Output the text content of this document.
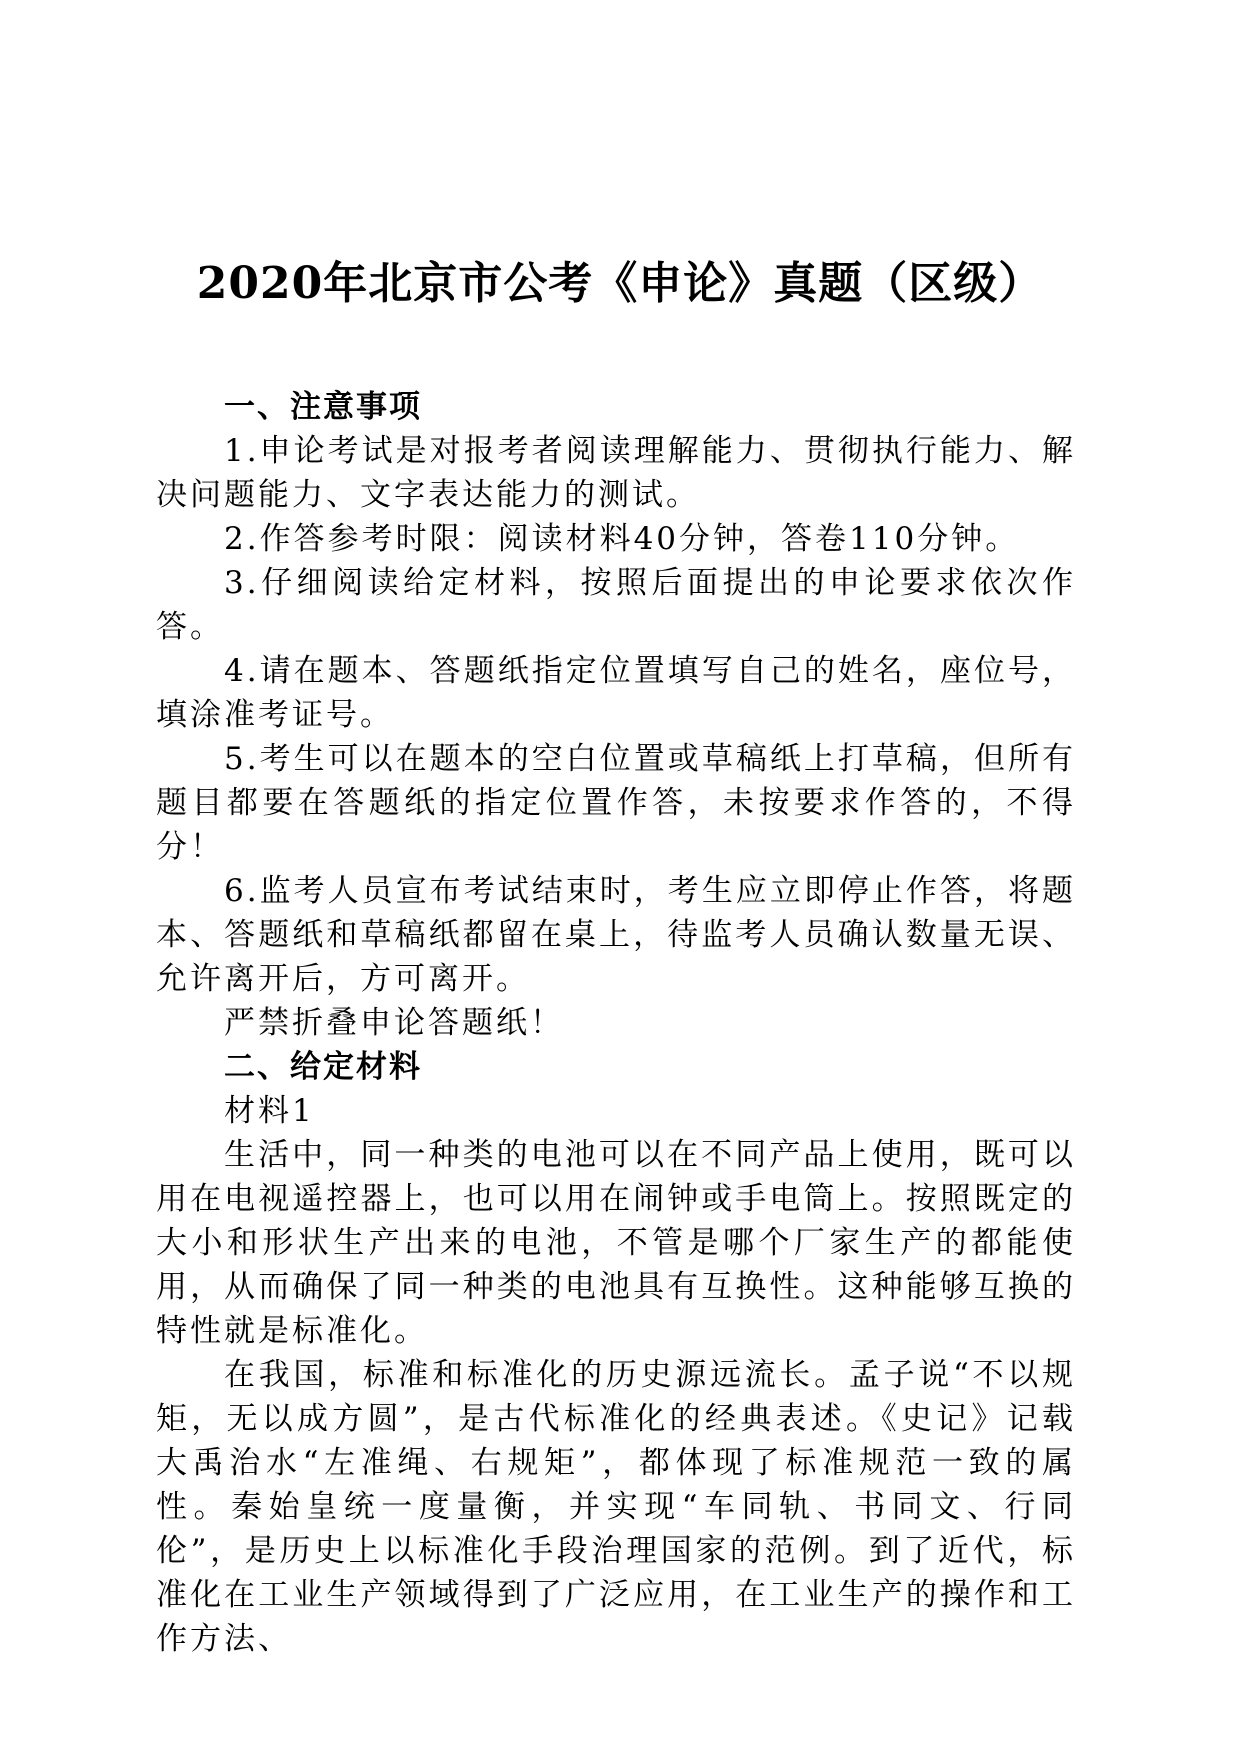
2020年北京市公考《申论》真题（区级）
一、注意事项

1.申论考试是对报考者阅读理解能力、贯彻执行能力、解决问题能力、文字表达能力的测试。

2.作答参考时限：阅读材料40分钟，答卷110分钟。

3.仔细阅读给定材料，按照后面提出的申论要求依次作答。

4.请在题本、答题纸指定位置填写自己的姓名，座位号，填涂准考证号。

5.考生可以在题本的空白位置或草稿纸上打草稿，但所有题目都要在答题纸的指定位置作答，未按要求作答的，不得分！

6.监考人员宣布考试结束时，考生应立即停止作答，将题本、答题纸和草稿纸都留在桌上，待监考人员确认数量无误、允许离开后，方可离开。

严禁折叠申论答题纸！

二、给定材料

材料1

生活中，同一种类的电池可以在不同产品上使用，既可以用在电视遥控器上，也可以用在闹钟或手电筒上。按照既定的大小和形状生产出来的电池，不管是哪个厂家生产的都能使用，从而确保了同一种类的电池具有互换性。这种能够互换的特性就是标准化。

在我国，标准和标准化的历史源远流长。孟子说“不以规矩，无以成方圆”，是古代标准化的经典表述。《史记》记载大禹治水“左准绳、右规矩”，都体现了标准规范一致的属性。秦始皇统一度量衡，并实现“车同轨、书同文、行同伦”，是历史上以标准化手段治理国家的范例。到了近代，标准化在工业生产领域得到了广泛应用，在工业生产的操作和工作方法、
